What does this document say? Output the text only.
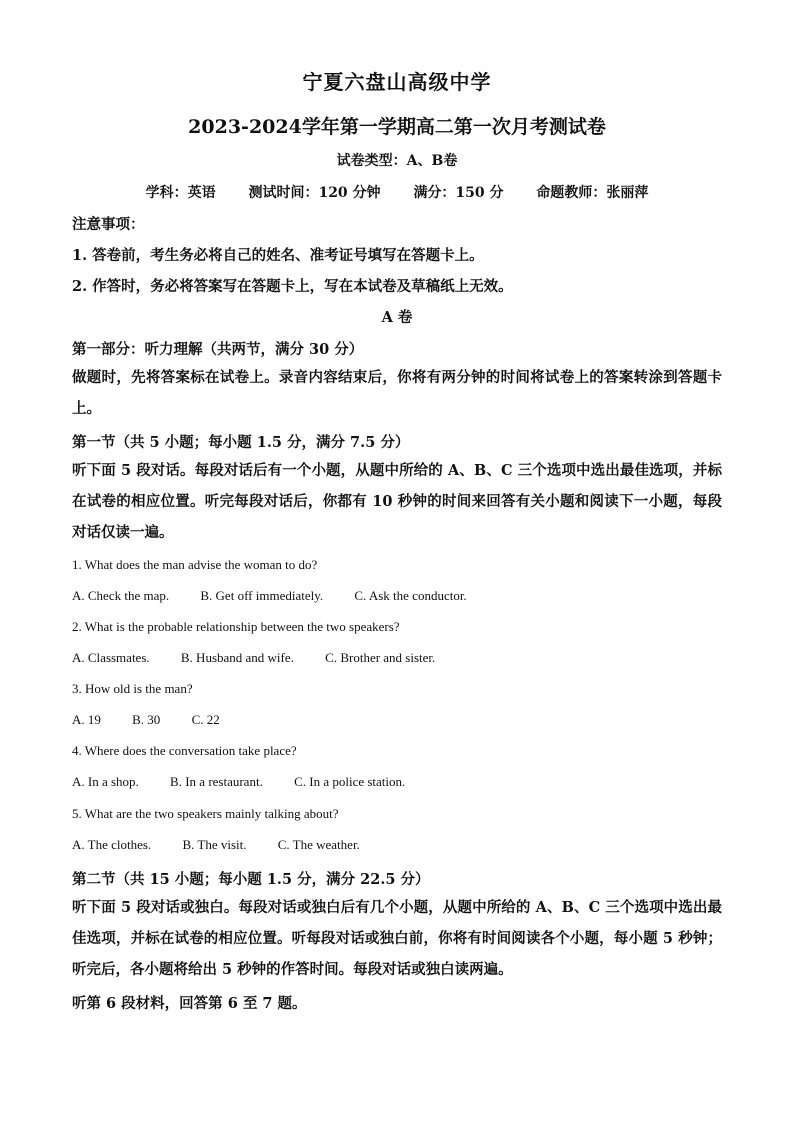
宁夏六盘山高级中学
2023-2024学年第一学期高二第一次月考测试卷
试卷类型：A、B卷
学科：英语 测试时间：120 分钟 满分：150 分 命题教师：张丽萍
注意事项：
1. 答卷前，考生务必将自己的姓名、准考证号填写在答题卡上。
2. 作答时，务必将答案写在答题卡上，写在本试卷及草稿纸上无效。
A 卷
第一部分：听力理解（共两节，满分 30 分）
做题时，先将答案标在试卷上。录音内容结束后，你将有两分钟的时间将试卷上的答案转涂到答题卡上。
第一节（共 5 小题；每小题 1.5 分，满分 7.5 分）
听下面 5 段对话。每段对话后有一个小题，从题中所给的 A、B、C 三个选项中选出最佳选项，并标在试卷的相应位置。听完每段对话后，你都有 10 秒钟的时间来回答有关小题和阅读下一小题，每段对话仅读一遍。
1. What does the man advise the woman to do?
A. Check the map. B. Get off immediately. C. Ask the conductor.
2. What is the probable relationship between the two speakers?
A. Classmates. B. Husband and wife. C. Brother and sister.
3. How old is the man?
A. 19 B. 30 C. 22
4. Where does the conversation take place?
A. In a shop. B. In a restaurant. C. In a police station.
5. What are the two speakers mainly talking about?
A. The clothes. B. The visit. C. The weather.
第二节（共 15 小题；每小题 1.5 分，满分 22.5 分）
听下面 5 段对话或独白。每段对话或独白后有几个小题，从题中所给的 A、B、C 三个选项中选出最佳选项，并标在试卷的相应位置。听每段对话或独白前，你将有时间阅读各个小题，每小题 5 秒钟；听完后，各小题将给出 5 秒钟的作答时间。每段对话或独白读两遍。
听第 6 段材料，回答第 6 至 7 题。
